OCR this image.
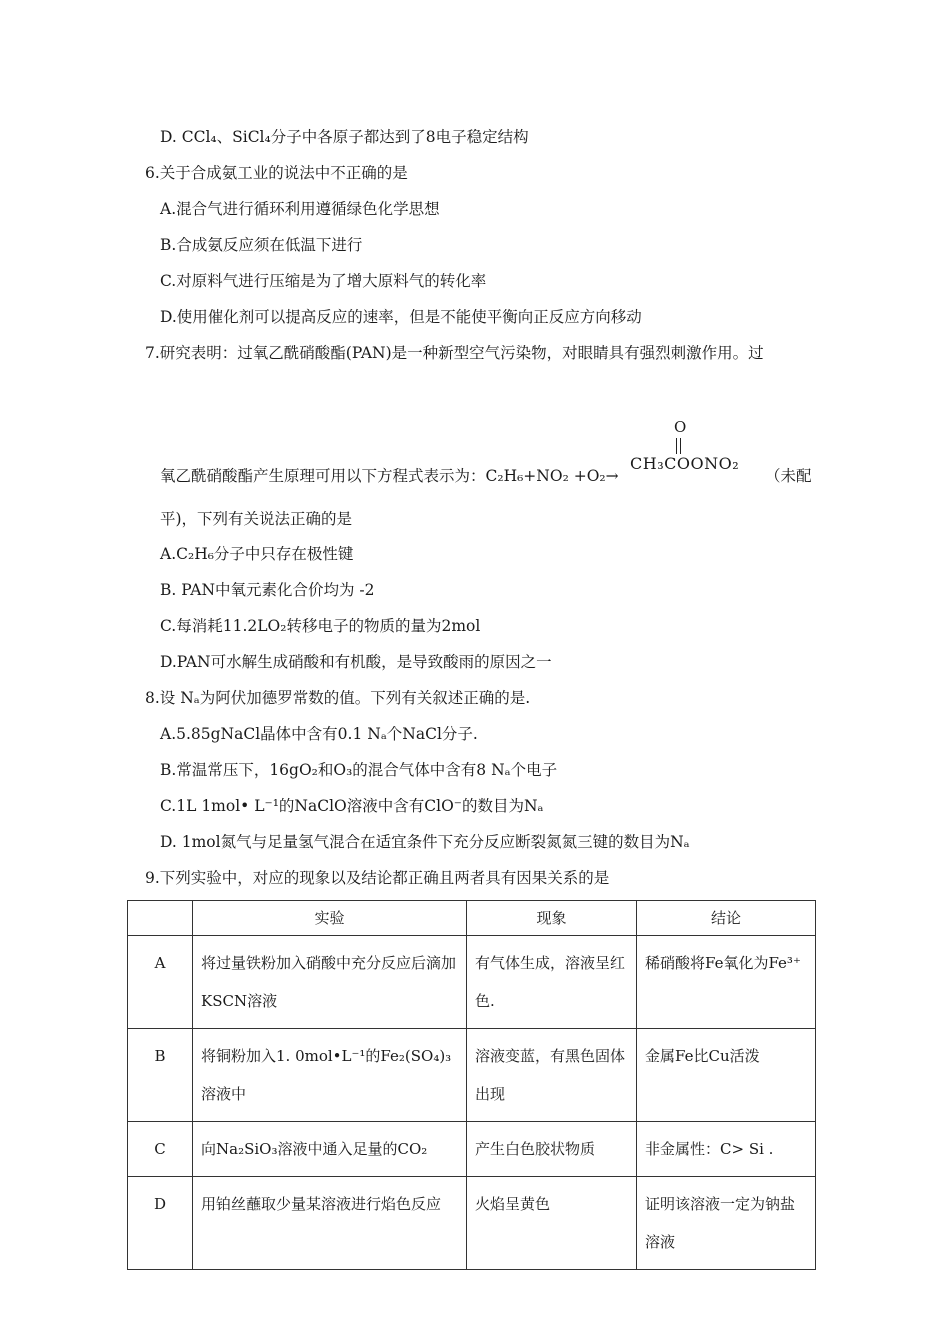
D. CCl₄、SiCl₄分子中各原子都达到了8电子稳定结构
6.关于合成氨工业的说法中不正确的是
A.混合气进行循环利用遵循绿色化学思想
B.合成氨反应须在低温下进行
C.对原料气进行压缩是为了增大原料气的转化率
D.使用催化剂可以提高反应的速率，但是不能使平衡向正反应方向移动
7.研究表明：过氧乙酰硝酸酯(PAN)是一种新型空气污染物，对眼睛具有强烈刺激作用。过
氧乙酰硝酸酯产生原理可用以下方程式表示为：C₂H₆+NO₂ +O₂→
O
CH₃COONO₂
（未配
平)，下列有关说法正确的是
A.C₂H₆分子中只存在极性键
B. PAN中氧元素化合价均为 -2
C.每消耗11.2LO₂转移电子的物质的量为2mol
D.PAN可水解生成硝酸和有机酸，是导致酸雨的原因之一
8.设 Nₐ为阿伏加德罗常数的值。下列有关叙述正确的是.
A.5.85gNaCl晶体中含有0.1 Nₐ个NaCl分子.
B.常温常压下，16gO₂和O₃的混合气体中含有8 Nₐ个电子
C.1L 1mol• L⁻¹的NaClO溶液中含有ClO⁻的数目为Nₐ
D. 1mol氮气与足量氢气混合在适宜条件下充分反应断裂氮氮三键的数目为Nₐ
9.下列实验中，对应的现象以及结论都正确且两者具有因果关系的是
	实验	现象	结论
A	将过量铁粉加入硝酸中充分反应后滴加KSCN溶液	有气体生成，溶液呈红色.	稀硝酸将Fe氧化为Fe³⁺
B	将铜粉加入1. 0mol•L⁻¹的Fe₂(SO₄)₃溶液中	溶液变蓝，有黑色固体出现	金属Fe比Cu活泼
C	向Na₂SiO₃溶液中通入足量的CO₂	产生白色胶状物质	非金属性：C> Si .
D	用铂丝蘸取少量某溶液进行焰色反应	火焰呈黄色	证明该溶液一定为钠盐溶液
